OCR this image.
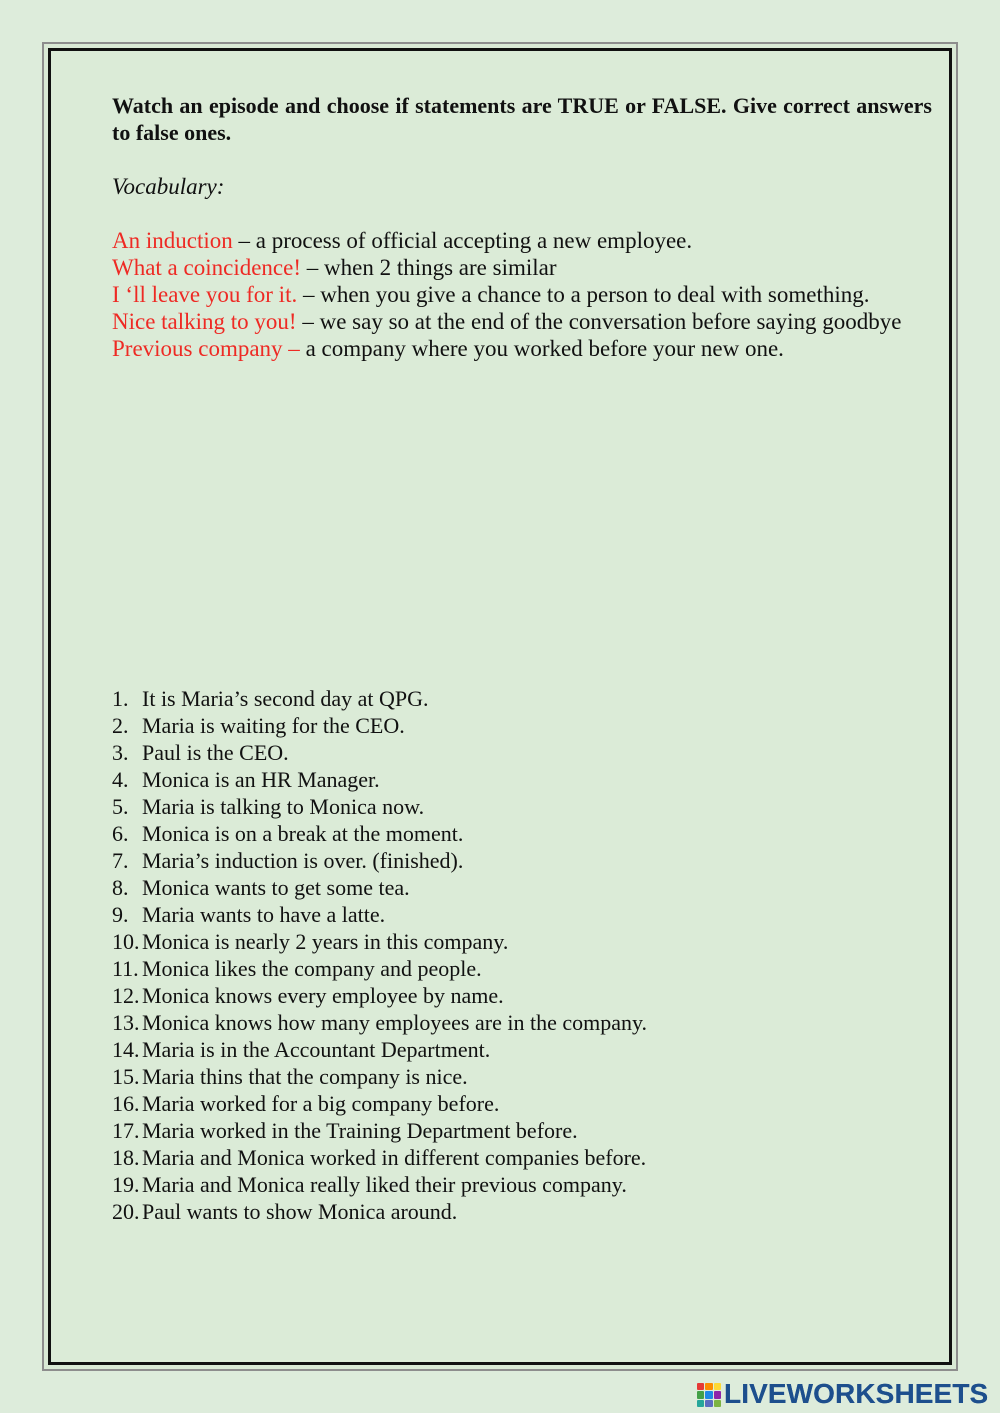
Watch an episode and choose if statements are TRUE or FALSE. Give correct answers to false ones.

Vocabulary:

An induction – a process of official accepting a new employee.
What a coincidence! – when 2 things are similar
I ‘ll leave you for it. – when you give a chance to a person to deal with something.
Nice talking to you! – we say so at the end of the conversation before saying goodbye
Previous company – a company where you worked before your new one.
1. It is Maria’s second day at QPG.
2. Maria is waiting for the CEO.
3. Paul is the CEO.
4. Monica is an HR Manager.
5. Maria is talking to Monica now.
6. Monica is on a break at the moment.
7. Maria’s induction is over. (finished).
8. Monica wants to get some tea.
9. Maria wants to have a latte.
10. Monica is nearly 2 years in this company.
11. Monica likes the company and people.
12. Monica knows every employee by name.
13. Monica knows how many employees are in the company.
14. Maria is in the Accountant Department.
15. Maria thins that the company is nice.
16. Maria worked for a big company before.
17. Maria worked in the Training Department before.
18. Maria and Monica worked in different companies before.
19. Maria and Monica really liked their previous company.
20. Paul wants to show Monica around.
LIVEWORKSHEETS
